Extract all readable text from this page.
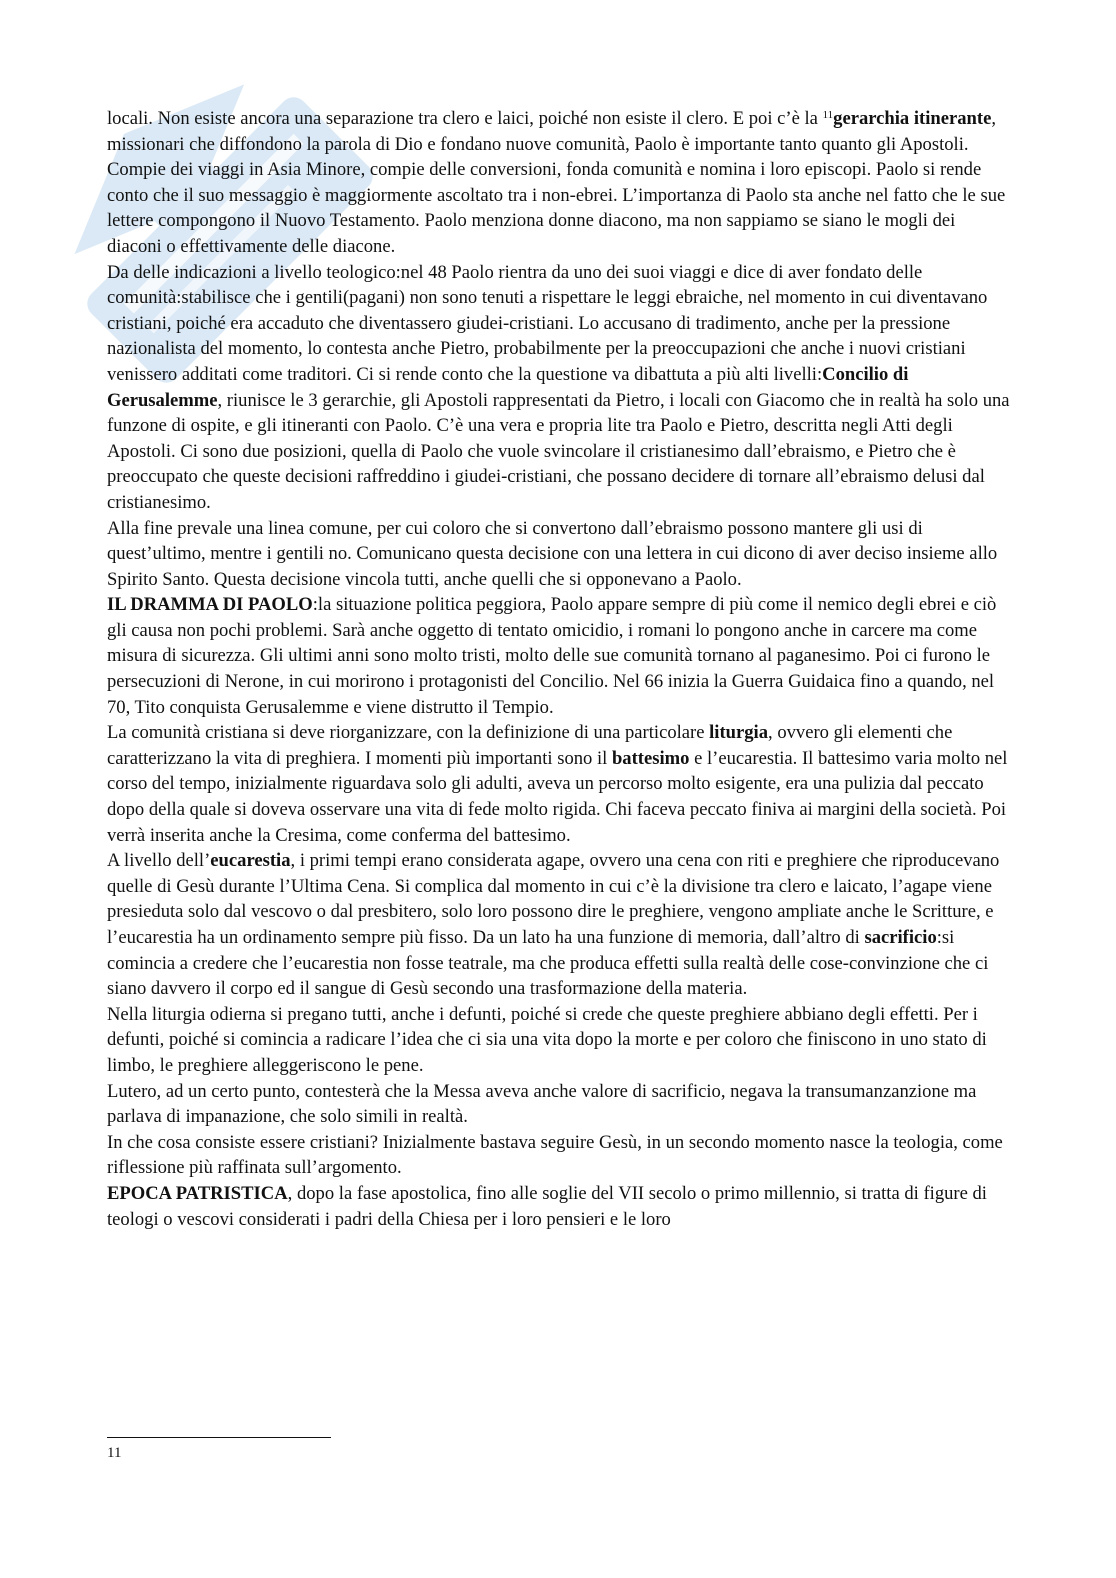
locali. Non esiste ancora una separazione tra clero e laici, poiché non esiste il clero. E poi c’è la $^{11}$gerarchia itinerante, missionari che diffondono la parola di Dio e fondano nuove comunità, Paolo è importante tanto quanto gli Apostoli. Compie dei viaggi in Asia Minore, compie delle conversioni, fonda comunità e nomina i loro episcopi. Paolo si rende conto che il suo messaggio è maggiormente ascoltato tra i non-ebrei. L’importanza di Paolo sta anche nel fatto che le sue lettere compongono il Nuovo Testamento. Paolo menziona donne diacono, ma non sappiamo se siano le mogli dei diaconi o effettivamente delle diacone.

Da delle indicazioni a livello teologico:nel 48 Paolo rientra da uno dei suoi viaggi e dice di aver fondato delle comunità:stabilisce che i gentili(pagani) non sono tenuti a rispettare le leggi ebraiche, nel momento in cui diventavano cristiani, poiché era accaduto che diventassero giudei-cristiani. Lo accusano di tradimento, anche per la pressione nazionalista del momento, lo contesta anche Pietro, probabilmente per la preoccupazioni che anche i nuovi cristiani venissero additati come traditori. Ci si rende conto che la questione va dibattuta a più alti livelli:Concilio di Gerusalemme, riunisce le 3 gerarchie, gli Apostoli rappresentati da Pietro, i locali con Giacomo che in realtà ha solo una funzone di ospite, e gli itineranti con Paolo. C’è una vera e propria lite tra Paolo e Pietro, descritta negli Atti degli Apostoli. Ci sono due posizioni, quella di Paolo che vuole svincolare il cristianesimo dall’ebraismo, e Pietro che è preoccupato che queste decisioni raffreddino i giudei-cristiani, che possano decidere di tornare all’ebraismo delusi dal cristianesimo.

Alla fine prevale una linea comune, per cui coloro che si convertono dall’ebraismo possono mantere gli usi di quest’ultimo, mentre i gentili no. Comunicano questa decisione con una lettera in cui dicono di aver deciso insieme allo Spirito Santo. Questa decisione vincola tutti, anche quelli che si opponevano a Paolo.

IL DRAMMA DI PAOLO:la situazione politica peggiora, Paolo appare sempre di più come il nemico degli ebrei e ciò gli causa non pochi problemi. Sarà anche oggetto di tentato omicidio, i romani lo pongono anche in carcere ma come misura di sicurezza. Gli ultimi anni sono molto tristi, molto delle sue comunità tornano al paganesimo. Poi ci furono le persecuzioni di Nerone, in cui morirono i protagonisti del Concilio. Nel 66 inizia la Guerra Guidaica fino a quando, nel 70, Tito conquista Gerusalemme e viene distrutto il Tempio.

La comunità cristiana si deve riorganizzare, con la definizione di una particolare liturgia, ovvero gli elementi che caratterizzano la vita di preghiera. I momenti più importanti sono il battesimo e l’eucarestia. Il battesimo varia molto nel corso del tempo, inizialmente riguardava solo gli adulti, aveva un percorso molto esigente, era una pulizia dal peccato dopo della quale si doveva osservare una vita di fede molto rigida. Chi faceva peccato finiva ai margini della società. Poi verrà inserita anche la Cresima, come conferma del battesimo.

A livello dell’eucarestia, i primi tempi erano considerata agape, ovvero una cena con riti e preghiere che riproducevano quelle di Gesù durante l’Ultima Cena. Si complica dal momento in cui c’è la divisione tra clero e laicato, l’agape viene presieduta solo dal vescovo o dal presbitero, solo loro possono dire le preghiere, vengono ampliate anche le Scritture, e l’eucarestia ha un ordinamento sempre più fisso. Da un lato ha una funzione di memoria, dall’altro di sacrificio:si comincia a credere che l’eucarestia non fosse teatrale, ma che produca effetti sulla realtà delle cose-convinzione che ci siano davvero il corpo ed il sangue di Gesù secondo una trasformazione della materia.

Nella liturgia odierna si pregano tutti, anche i defunti, poiché si crede che queste preghiere abbiano degli effetti. Per i defunti, poiché si comincia a radicare l’idea che ci sia una vita dopo la morte e per coloro che finiscono in uno stato di limbo, le preghiere alleggeriscono le pene.

Lutero, ad un certo punto, contesterà che la Messa aveva anche valore di sacrificio, negava la transumanzanzione ma parlava di impanazione, che solo simili in realtà.

In che cosa consiste essere cristiani? Inizialmente bastava seguire Gesù, in un secondo momento nasce la teologia, come riflessione più raffinata sull’argomento.

EPOCA PATRISTICA, dopo la fase apostolica, fino alle soglie del VII secolo o primo millennio, si tratta di figure di teologi o vescovi considerati i padri della Chiesa per i loro pensieri e le loro

11
